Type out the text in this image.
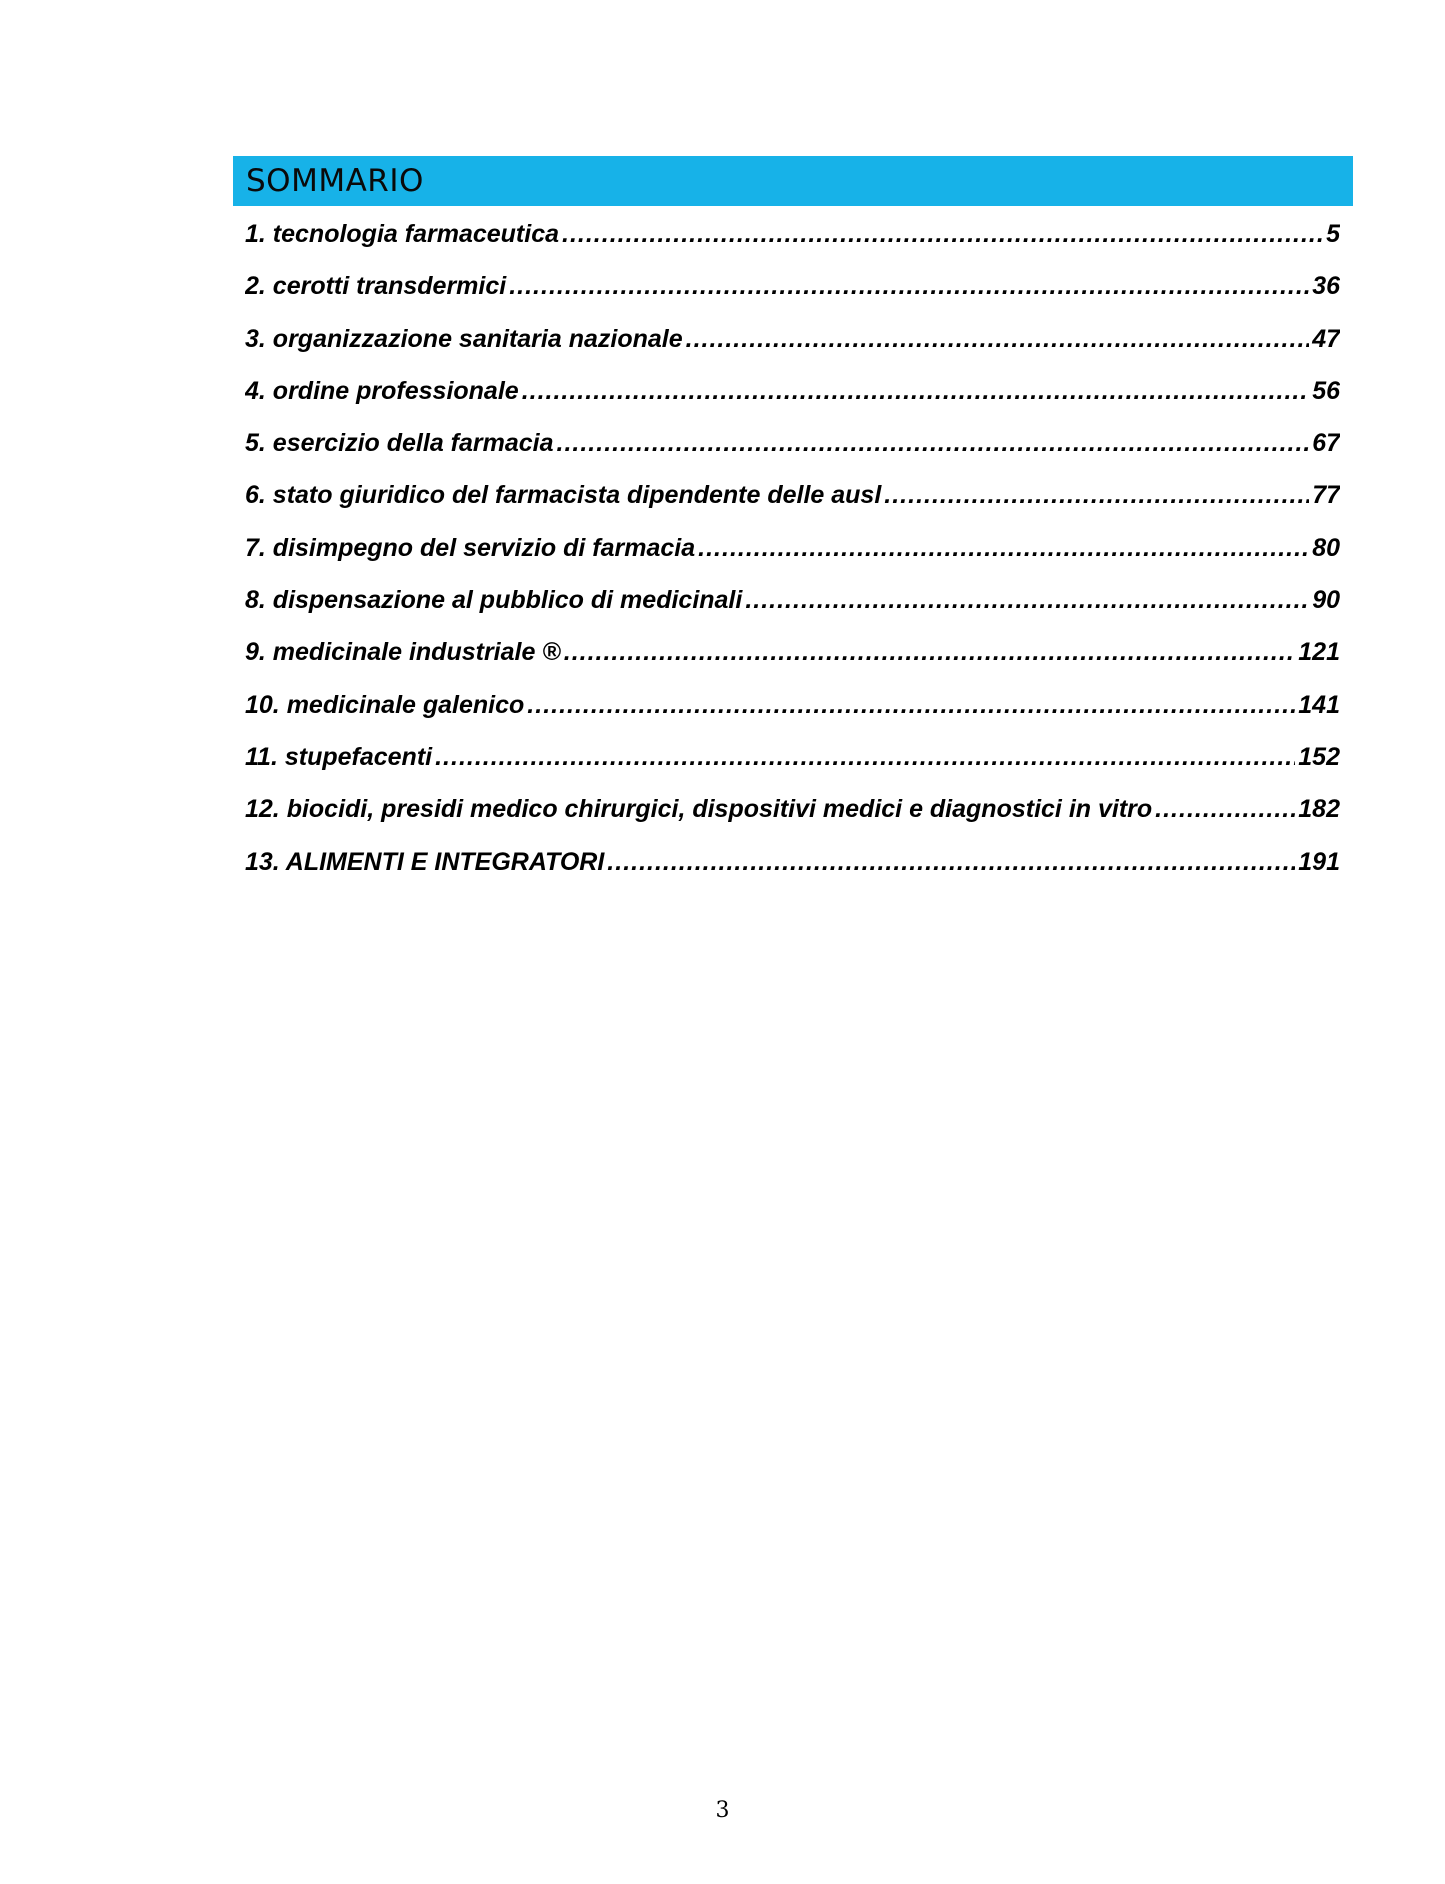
SOMMARIO
1. tecnologia farmaceutica .....	5
2. cerotti transdermici .....	36
3. organizzazione sanitaria nazionale .....	47
4. ordine professionale .....	56
5. esercizio della farmacia .....	67
6. stato giuridico del farmacista dipendente delle ausl .....	77
7. disimpegno del servizio di farmacia .....	80
8. dispensazione al pubblico di medicinali .....	90
9. medicinale industriale ® .....	121
10. medicinale galenico .....	141
11. stupefacenti .....	152
12. biocidi, presidi medico chirurgici, dispositivi medici e diagnostici in vitro .....	182
13. ALIMENTI E INTEGRATORI .....	191
3
